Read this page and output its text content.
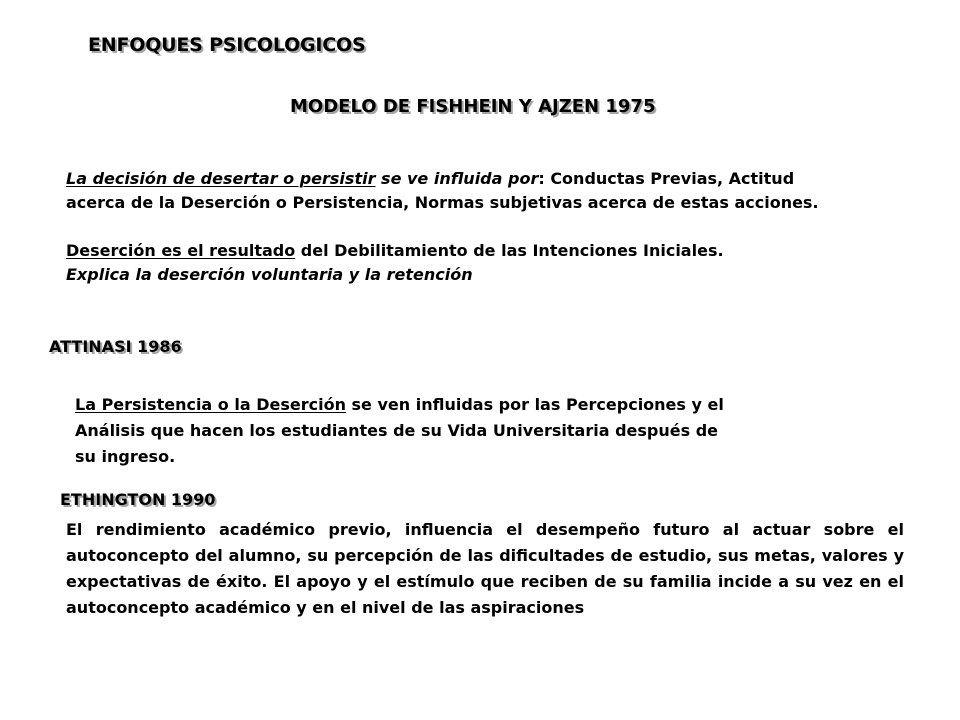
ENFOQUES PSICOLOGICOS
MODELO DE FISHHEIN Y AJZEN 1975
La decisión de desertar o persistir se ve influida por: Conductas Previas, Actitud
acerca de la Deserción o Persistencia, Normas subjetivas acerca de estas acciones.
Deserción es el resultado del Debilitamiento de las Intenciones Iniciales.
Explica la deserción voluntaria y la retención
ATTINASI 1986
La Persistencia o la Deserción se ven influidas por las Percepciones y el
Análisis que hacen los estudiantes de su Vida Universitaria después de
su ingreso.
ETHINGTON 1990

El rendimiento académico previo, influencia el desempeño futuro al actuar sobre el autoconcepto del alumno, su percepción de las dificultades de estudio, sus metas, valores y expectativas de éxito. El apoyo y el estímulo que reciben de su familia incide a su vez en el autoconcepto académico y en el nivel de las aspiraciones
